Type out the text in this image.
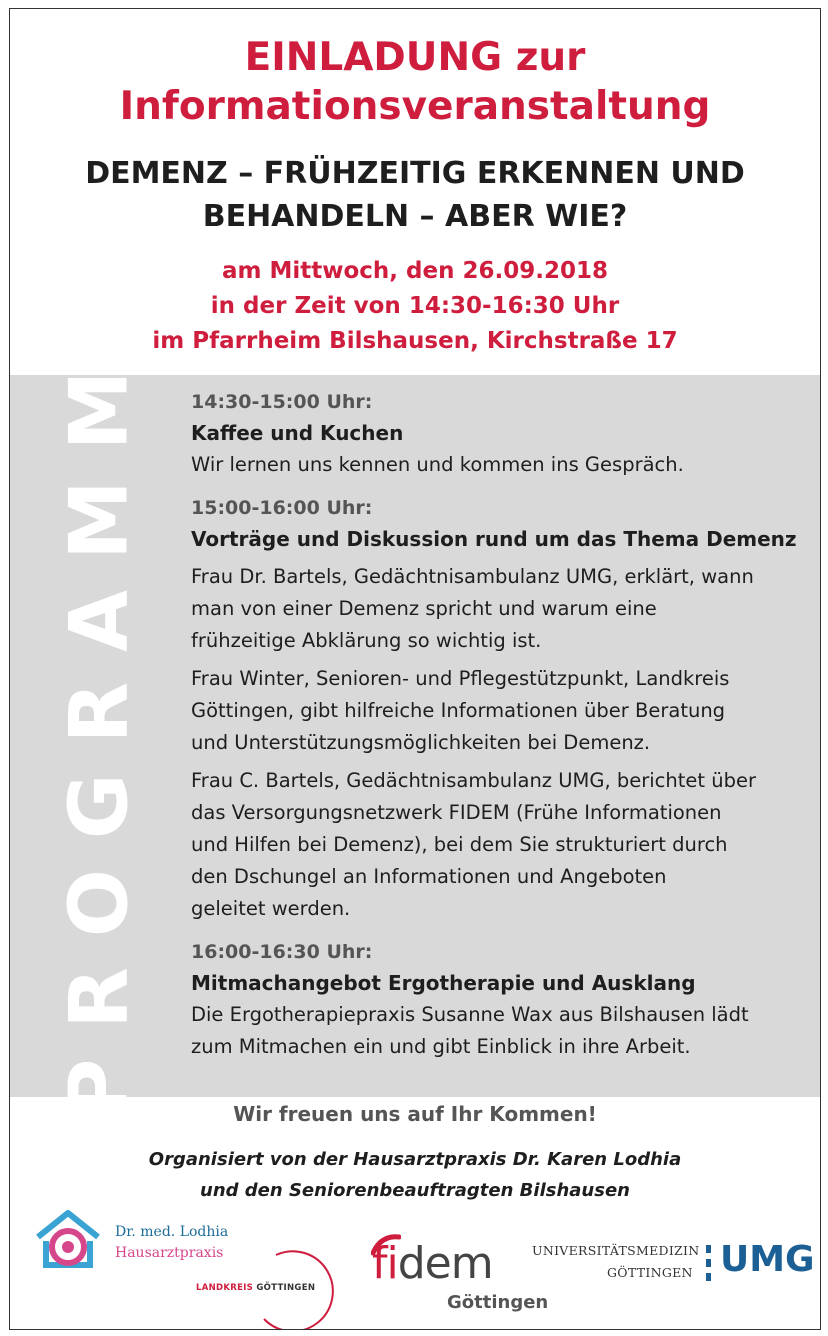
EINLADUNG zur
Informationsveranstaltung
DEMENZ – FRÜHZEITIG ERKENNEN UND
BEHANDELN – ABER WIE?
am Mittwoch, den 26.09.2018
in der Zeit von 14:30-16:30 Uhr
im Pfarrheim Bilshausen, Kirchstraße 17
PROGRAMM 14:30-15:00 Uhr:
Kaffee und Kuchen
Wir lernen uns kennen und kommen ins Gespräch.
15:00-16:00 Uhr:
Vorträge und Diskussion rund um das Thema Demenz
Frau Dr. Bartels, Gedächtnisambulanz UMG, erklärt, wann
man von einer Demenz spricht und warum eine
frühzeitige Abklärung so wichtig ist.
Frau Winter, Senioren- und Pflegestützpunkt, Landkreis
Göttingen, gibt hilfreiche Informationen über Beratung
und Unterstützungsmöglichkeiten bei Demenz.
Frau C. Bartels, Gedächtnisambulanz UMG, berichtet über
das Versorgungsnetzwerk FIDEM (Frühe Informationen
und Hilfen bei Demenz), bei dem Sie strukturiert durch
den Dschungel an Informationen und Angeboten
geleitet werden.
16:00-16:30 Uhr:
Mitmachangebot Ergotherapie und Ausklang
Die Ergotherapiepraxis Susanne Wax aus Bilshausen lädt
zum Mitmachen ein und gibt Einblick in ihre Arbeit.
Wir freuen uns auf Ihr Kommen!
Organisiert von der Hausarztpraxis Dr. Karen Lodhia
und den Seniorenbeauftragten Bilshausen
Dr. med. Lodhia
Hausarztpraxis
LANDKREIS GÖTTINGEN fidem
Göttingen
UNIVERSITÄTSMEDIZIN
GÖTTINGEN UMG
